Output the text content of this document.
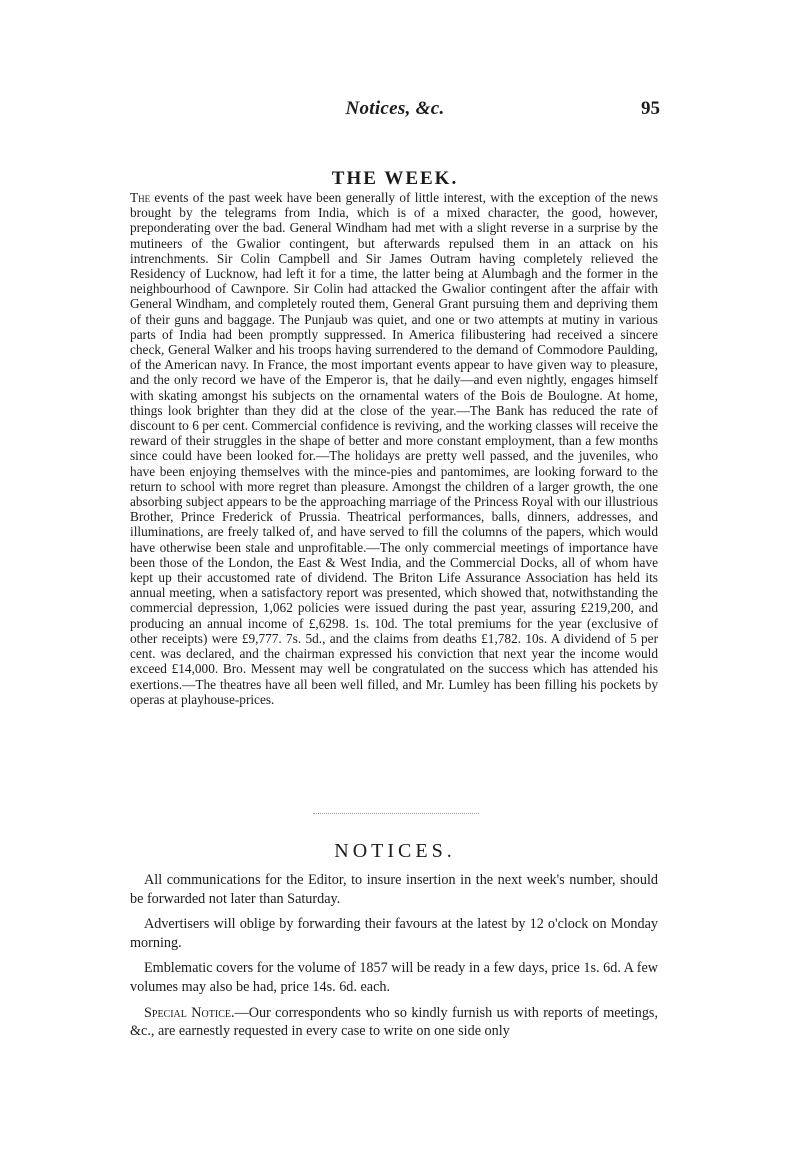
Notices, &c.	95
THE WEEK.

The events of the past week have been generally of little interest, with the exception of the news brought by the telegrams from India, which is of a mixed character, the good, however, preponderating over the bad. General Windham had met with a slight reverse in a surprise by the mutineers of the Gwalior contingent, but afterwards repulsed them in an attack on his intrenchments. Sir Colin Campbell and Sir James Outram having completely relieved the Residency of Lucknow, had left it for a time, the latter being at Alumbagh and the former in the neighbourhood of Cawnpore. Sir Colin had attacked the Gwalior contingent after the affair with General Windham, and completely routed them, General Grant pursuing them and depriving them of their guns and baggage. The Punjaub was quiet, and one or two attempts at mutiny in various parts of India had been promptly suppressed. In America filibustering had received a sincere check, General Walker and his troops having surrendered to the demand of Commodore Paulding, of the American navy. In France, the most important events appear to have given way to pleasure, and the only record we have of the Emperor is, that he daily—and even nightly, engages himself with skating amongst his subjects on the ornamental waters of the Bois de Boulogne. At home, things look brighter than they did at the close of the year.—The Bank has reduced the rate of discount to 6 per cent. Commercial confidence is reviving, and the working classes will receive the reward of their struggles in the shape of better and more constant employment, than a few months since could have been looked for.—The holidays are pretty well passed, and the juveniles, who have been enjoying themselves with the mince-pies and pantomimes, are looking forward to the return to school with more regret than pleasure. Amongst the children of a larger growth, the one absorbing subject appears to be the approaching marriage of the Princess Royal with our illustrious Brother, Prince Frederick of Prussia. Theatrical performances, balls, dinners, addresses, and illuminations, are freely talked of, and have served to fill the columns of the papers, which would have otherwise been stale and unprofitable.—The only commercial meetings of importance have been those of the London, the East & West India, and the Commercial Docks, all of whom have kept up their accustomed rate of dividend. The Briton Life Assurance Association has held its annual meeting, when a satisfactory report was presented, which showed that, notwithstanding the commercial depression, 1,062 policies were issued during the past year, assuring £219,200, and producing an annual income of £,6298. 1s. 10d. The total premiums for the year (exclusive of other receipts) were £9,777. 7s. 5d., and the claims from deaths £1,782. 10s. A dividend of 5 per cent. was declared, and the chairman expressed his conviction that next year the income would exceed £14,000. Bro. Messent may well be congratulated on the success which has attended his exertions.—The theatres have all been well filled, and Mr. Lumley has been filling his pockets by operas at playhouse-prices.

NOTICES.

All communications for the Editor, to insure insertion in the next week's number, should be forwarded not later than Saturday.

Advertisers will oblige by forwarding their favours at the latest by 12 o'clock on Monday morning.

Emblematic covers for the volume of 1857 will be ready in a few days, price 1s. 6d. A few volumes may also be had, price 14s. 6d. each.

Special Notice.—Our correspondents who so kindly furnish us with reports of meetings, &c., are earnestly requested in every case to write on one side only
